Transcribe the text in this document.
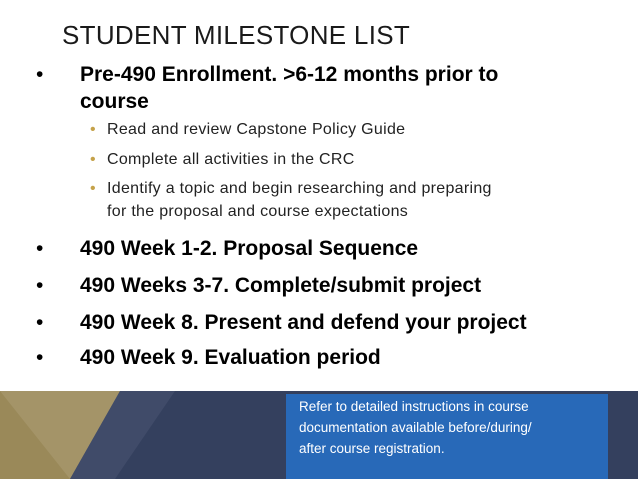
STUDENT MILESTONE LIST
• Pre-490 Enrollment. >6-12 months prior to
course
• Read and review Capstone Policy Guide
• Complete all activities in the CRC
• Identify a topic and begin researching and preparing
for the proposal and course expectations
• 490 Week 1-2. Proposal Sequence
• 490 Weeks 3-7. Complete/submit project
• 490 Week 8. Present and defend your project
• 490 Week 9. Evaluation period
Refer to detailed instructions in course
documentation available before/during/
after course registration.
